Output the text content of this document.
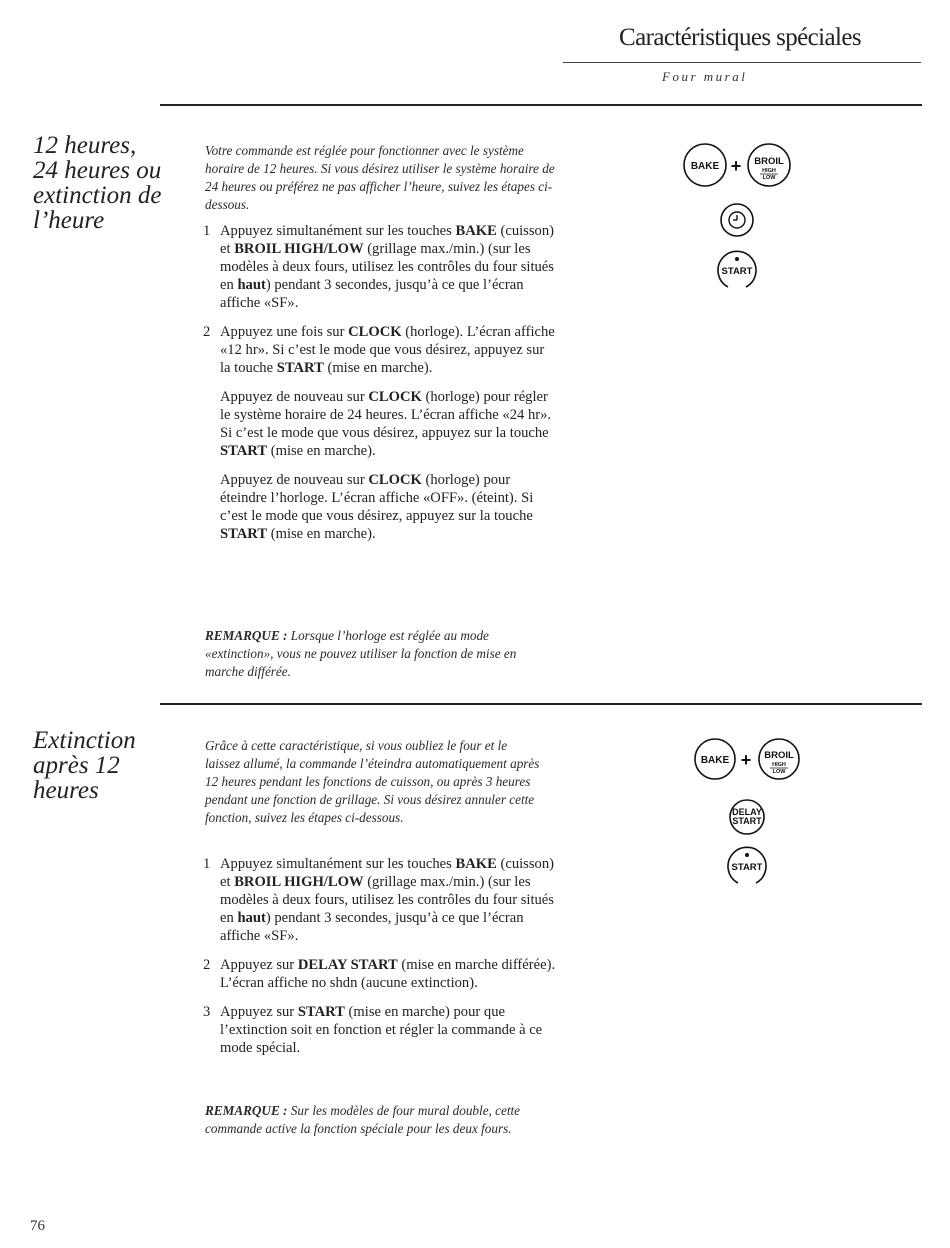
Caractéristiques spéciales
Four mural
12 heures, 24 heures ou extinction de l’heure
Votre commande est réglée pour fonctionner avec le système horaire de 12 heures. Si vous désirez utiliser le système horaire de 24 heures ou préférez ne pas afficher l’heure, suivez les étapes ci-dessous.
1 Appuyez simultanément sur les touches BAKE (cuisson) et BROIL HIGH/LOW (grillage max./min.) (sur les modèles à deux fours, utilisez les contrôles du four situés en haut) pendant 3 secondes, jusqu’à ce que l’écran affiche «SF».
2 Appuyez une fois sur CLOCK (horloge). L’écran affiche «12 hr». Si c’est le mode que vous désirez, appuyez sur la touche START (mise en marche).
Appuyez de nouveau sur CLOCK (horloge) pour régler le système horaire de 24 heures. L’écran affiche «24 hr». Si c’est le mode que vous désirez, appuyez sur la touche START (mise en marche).
Appuyez de nouveau sur CLOCK (horloge) pour éteindre l’horloge. L’écran affiche «OFF». (éteint). Si c’est le mode que vous désirez, appuyez sur la touche START (mise en marche).
REMARQUE : Lorsque l’horloge est réglée au mode «extinction», vous ne pouvez utiliser la fonction de mise en marche différée.
BAKE + BROIL
HIGH
LOW
START
Extinction après 12 heures
Grâce à cette caractéristique, si vous oubliez le four et le laissez allumé, la commande l’éteindra automatiquement après 12 heures pendant les fonctions de cuisson, ou après 3 heures pendant une fonction de grillage. Si vous désirez annuler cette fonction, suivez les étapes ci-dessous.
1 Appuyez simultanément sur les touches BAKE (cuisson) et BROIL HIGH/LOW (grillage max./min.) (sur les modèles à deux fours, utilisez les contrôles du four situés en haut) pendant 3 secondes, jusqu’à ce que l’écran affiche «SF».
2 Appuyez sur DELAY START (mise en marche différée). L’écran affiche no shdn (aucune extinction).
3 Appuyez sur START (mise en marche) pour que l’extinction soit en fonction et régler la commande à ce mode spécial.
REMARQUE : Sur les modèles de four mural double, cette commande active la fonction spéciale pour les deux fours.
BAKE + BROIL
HIGH
LOW
DELAY
START
START
76
